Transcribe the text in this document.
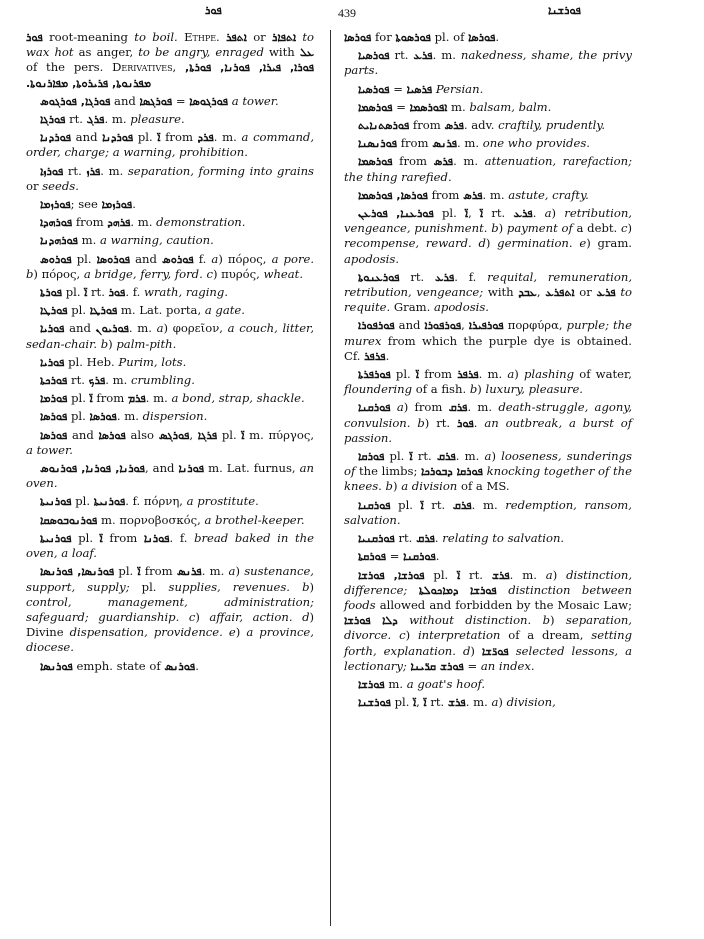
ܦܘܪ	439	ܦܘܪܫܢܐ

ܦܘܪ root-meaning to boil. Ethpe. ܐܬܦܪ or ܐܬܦܐܪ to wax hot as anger, to be angry, enraged with ܥܠ of the pers. Derivatives, ܦܘܪܐ, ܦܝܪܐ, ܦܘܪܢܐ, ܦܘܪܬܐ, ܡܦܪܢܘܬܐ, ܦܪܝܪܘܬܐ, ܡܦܐܪܢܘܬܐ.

ܦܘܪܓܐ, ܦܘܪܓܘܣ and ܦܘܪܓܣܐ = ܦܘܪܓܘܣܐ a tower.

ܦܘܪܓܐ rt. ܦܪܓ. m. pleasure.

ܦܘܪܕܢܐ and ܦܘܪܕܢܐ pl. ܐ̈ from ܦܪܕ. m. a command, order, charge; a warning, prohibition.

ܦܘܪܙܐ rt. ܦܪܙ. m. separation, forming into grains or seeds.

ܦܘܪܙܡܐ; see ܦܘܪܙܡܐ.

ܦܘܪܗܕܐ from ܦܪܗܕ. m. demonstration.

ܦܘܪܗܕܢܐ m. a warning, caution.

ܦܘܪܘܣ pl. ܦܘܪܘܣܐ and ܦܘܪܘܣ f. a) πόρος, a pore. b) πόρος, a bridge, ferry, ford. c) πυρός, wheat.

ܦܘܪܬܐ pl. ܐ̈ rt. ܦܘܪ. f. wrath, raging.

ܦܘܪܛܐ pl. ܦܘܪܛܐ m. Lat. porta, a gate.

ܦܘܪܝܐ and ܦܘܪܝܘܢ. m. a) φορεῖον, a couch, litter, sedan-chair. b) palm-pith.

ܦܘܪܝܐ pl. Heb. Purim, lots.

ܦܘܪܟܬܐ rt. ܦܪܟ. m. crumbling.

ܦܘܪܡܐ pl. ܐ̈ from ܦܪܡ. m. a bond, strap, shackle.

ܦܘܪܣܐ pl. ܦܘܪܣܐ. m. dispersion.

ܦܘܪܣܐ and ܦܘܪܣܐ also ܦܘܪܓܣ, ܦܪܓܐ pl. ܐ̈ m. πύργος, a tower.

ܦܘܪܢܐ, ܦܘܪܢܐ, ܦܘܪܢܘܣ, and ܦܘܪܢܐ m. Lat. furnus, an oven.

ܦܘܪܢܝܬܐ pl. ܦܘܪܢܝܬܐ. f. πόρνη, a prostitute.

ܦܘܪܢܘܒܘܣܩܐ m. πορνοβοσκός, a brothel-keeper.

ܦܘܪܢܝܬܐ pl. ܐ̈ from ܦܘܪܢܐ. f. bread baked in the oven, a loaf.

ܦܘܪܢܣܐ, ܦܘܪܢܣܐ pl. ܐ̈ from ܦܪܢܣ. m. a) sustenance, support, supply; pl. supplies, revenues. b) control, management, administration; safeguard; guardianship. c) affair, action. d) Divine dispensation, providence. e) a province, diocese.

ܦܘܪܢܣܐ emph. state of ܦܘܪܢܣ.

ܦܘܪܣܐ for ܦܘܪܣܘܬܐ pl. of ܦܘܪܣܐ.

ܦܘܪܣܝܐ rt. ܦܪܥ. m. nakedness, shame, the privy parts.

ܦܘܪܣܝܐ = ܦܪܣܝܐ Persian.

ܦܘܪܣܡܐ = ܐܦܘܪܣܡܐ m. balsam, balm.

ܦܘܪܣܬܢܐܝܬ from ܦܪܣ. adv. craftily, prudently.

ܦܘܪܢܣܢܐ from ܦܪܢܣ. m. one who provides.

ܦܘܪܣܡܐ from ܦܪܣ. m. attenuation, rarefaction; the thing rarefied.

ܦܘܪܣܐ, ܦܘܪܣܡܐ from ܦܪܣ. m. astute, crafty.

ܦܘܪܥܢܐ, ܦܘܪܥܢ pl. ܐ̈, ܐ̈ rt. ܦܪܥ. a) retribution, vengeance, punishment. b) payment of a debt. c) recompense, reward. d) germination. e) gram. apodosis.

ܦܘܪܥܢܘܬܐ rt. ܦܪܥ. f. requital, remuneration, retribution, vengeance; with ܥܒܕ, ܐܬܦܪܥ or ܦܪܥ to requite. Gram. apodosis.

ܦܘܪܦܘܪܐ and ܦܘܪܦܘܪܐ, ܦܘܪܦܝܪܐ πορφύρα, purple; the murex from which the purple dye is obtained. Cf. ܦܪܦܪ.

ܦܘܪܦܪܬܐ pl. ܐ̈ from ܦܪܦܪ. m. a) plashing of water, floundering of a fish. b) luxury, pleasure.

ܦܘܪܩܢܐ a) from ܦܪܩ. m. death-struggle, agony, convulsion. b) rt. ܦܘܪ. an outbreak, a burst of passion.

ܦܘܪܩܐ pl. ܐ̈ rt. ܦܪܩ. m. a) looseness, sunderings of the limbs; ܦܘܪܩܐ ܕܒܘܪܟܐ knocking together of the knees. b) a division of a MS.

ܦܘܪܩܢܐ pl. ܐ̈ rt. ܦܪܩ. m. redemption, ransom, salvation.

ܦܘܪܩܢܝܐ rt. ܦܪܩ. relating to salvation.

ܦܘܪܩܬܐ = ܦܘܪܩܢܐ.

ܦܘܪܫܐ, ܦܘܪܫܐ pl. ܐ̈ rt. ܦܪܫ. m. a) distinction, difference; ܦܘܪܫܐ ܕܡܐܟܘܠܬܐ distinction between foods allowed and forbidden by the Mosaic Law; ܕܠܐ ܦܘܪܫܐ without distinction. b) separation, divorce. c) interpretation of a dream, setting forth, explanation. d) ܦܘܪ̈ܫܐ selected lessons, a lectionary; ܦܘܪܫ ܩܪ̈ܝܢܐ = an index.

ܦܘܪܫܐ m. a goat's hoof.

ܦܘܪܫܢܐ pl. ܐ̈, ܐ̈ rt. ܦܪܫ. m. a) division,
